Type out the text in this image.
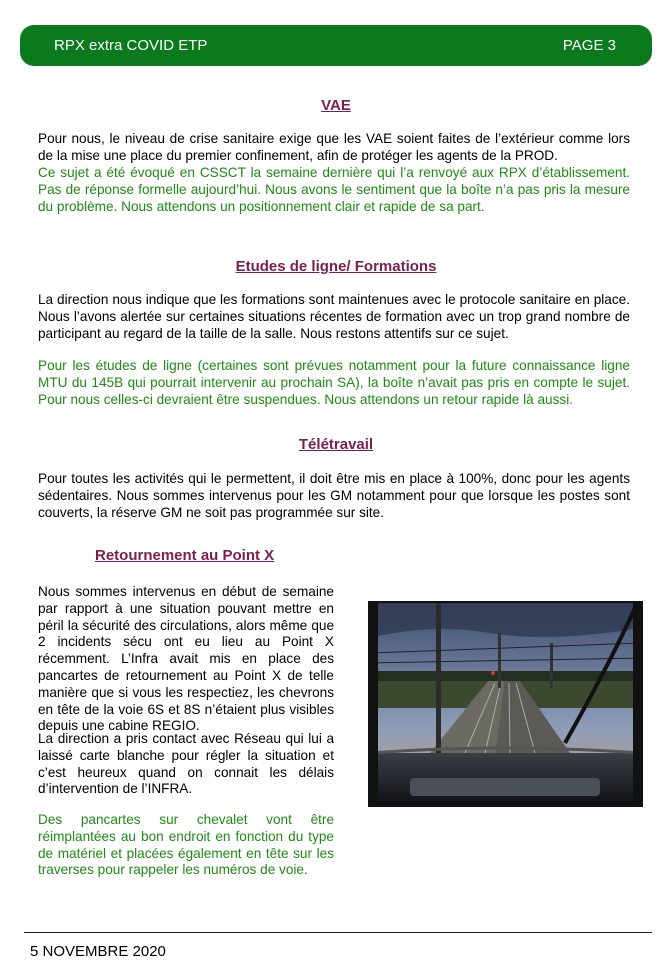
RPX extra COVID ETP	PAGE 3
VAE

Pour nous, le niveau de crise sanitaire exige que les VAE soient faites de l’extérieur comme lors de la mise une place du premier confinement, afin de protéger les agents de la PROD.

Ce sujet a été évoqué en CSSCT la semaine dernière qui l’a renvoyé aux RPX d’établissement. Pas de réponse formelle aujourd’hui. Nous avons le sentiment que la boîte n’a pas pris la mesure du problème. Nous attendons un positionnement clair et rapide de sa part.

Etudes de ligne/ Formations

La direction nous indique que les formations sont maintenues avec le protocole sanitaire en place. Nous l’avons alertée sur certaines situations récentes de formation avec un trop grand nombre de participant au regard de la taille de la salle. Nous restons attentifs sur ce sujet.

Pour les études de ligne (certaines sont prévues notamment pour la future connaissance ligne MTU du 145B qui pourrait intervenir au prochain SA), la boîte n’avait pas pris en compte le sujet. Pour nous celles-ci devraient être suspendues. Nous attendons un retour rapide là aussi.

Télétravail

Pour toutes les activités qui le permettent, il doit être mis en place à 100%, donc pour les agents sédentaires. Nous sommes intervenus pour les GM notamment pour que lorsque les postes sont couverts, la réserve GM ne soit pas programmée sur site.

Retournement au Point X

Nous sommes intervenus en début de semaine par rapport à une situation pouvant mettre en péril la sécurité des circulations, alors même que 2 incidents sécu ont eu lieu au Point X récemment. L’Infra avait mis en place des pancartes de retournement au Point X de telle manière que si vous les respectiez, les chevrons en tête de la voie 6S et 8S n’étaient plus visibles depuis une cabine REGIO.

La direction a pris contact avec Réseau qui lui a laissé carte blanche pour régler la situation et c’est heureux quand on connait les délais d’intervention de l’INFRA.

Des pancartes sur chevalet vont être réimplantées au bon endroit en fonction du type de matériel et placées également en tête sur les traverses pour rappeler les numéros de voie.

5 NOVEMBRE 2020
